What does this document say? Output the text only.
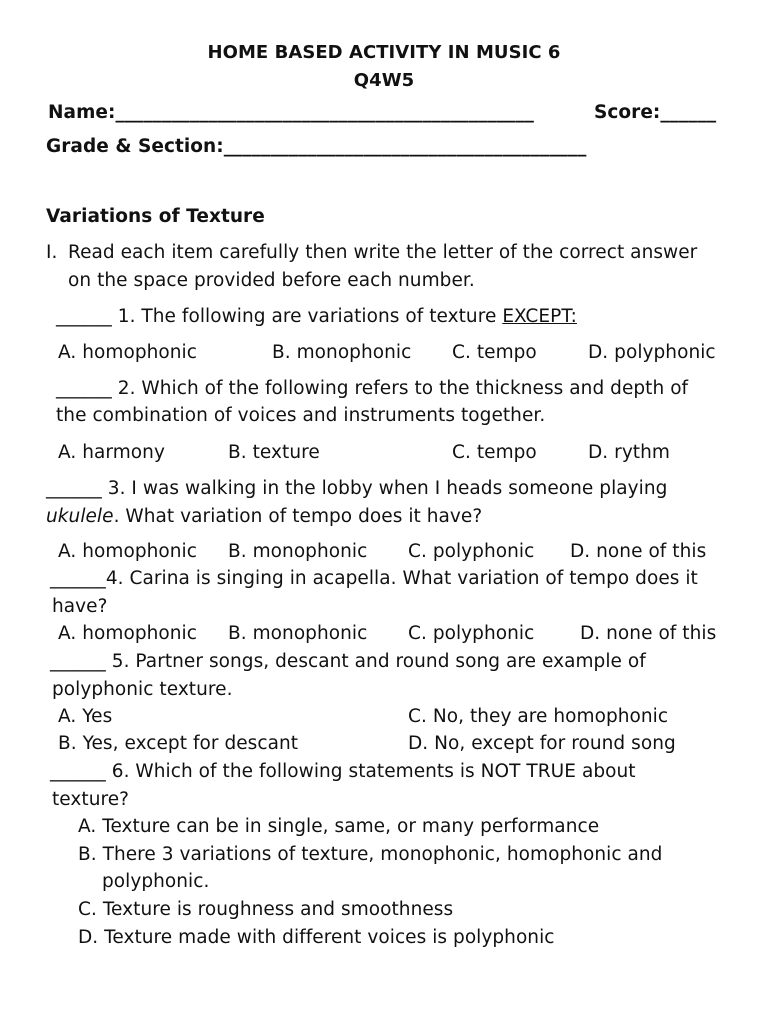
HOME BASED ACTIVITY IN MUSIC 6
Q4W5
Name:_____________________________________________	Score:______
Grade & Section:_______________________________________
Variations of Texture
I. Read each item carefully then write the letter of the correct answer
on the space provided before each number.
______ 1. The following are variations of texture EXCEPT:
A. homophonic	B. monophonic C. tempo	D. polyphonic
______ 2. Which of the following refers to the thickness and depth of
the combination of voices and instruments together.
A. harmony	B. texture	C. tempo	D. rythm
______ 3. I was walking in the lobby when I heads someone playing
ukulele. What variation of tempo does it have?
A. homophonic B. monophonic C. polyphonic D. none of this
______4. Carina is singing in acapella. What variation of tempo does it
have?
A. homophonic B. monophonic C. polyphonic D. none of this
______ 5. Partner songs, descant and round song are example of
polyphonic texture.
A. Yes	C. No, they are homophonic
B. Yes, except for descant	D. No, except for round song
______ 6. Which of the following statements is NOT TRUE about
texture?
A. Texture can be in single, same, or many performance
B. There 3 variations of texture, monophonic, homophonic and
polyphonic.
C. Texture is roughness and smoothness
D. Texture made with different voices is polyphonic
